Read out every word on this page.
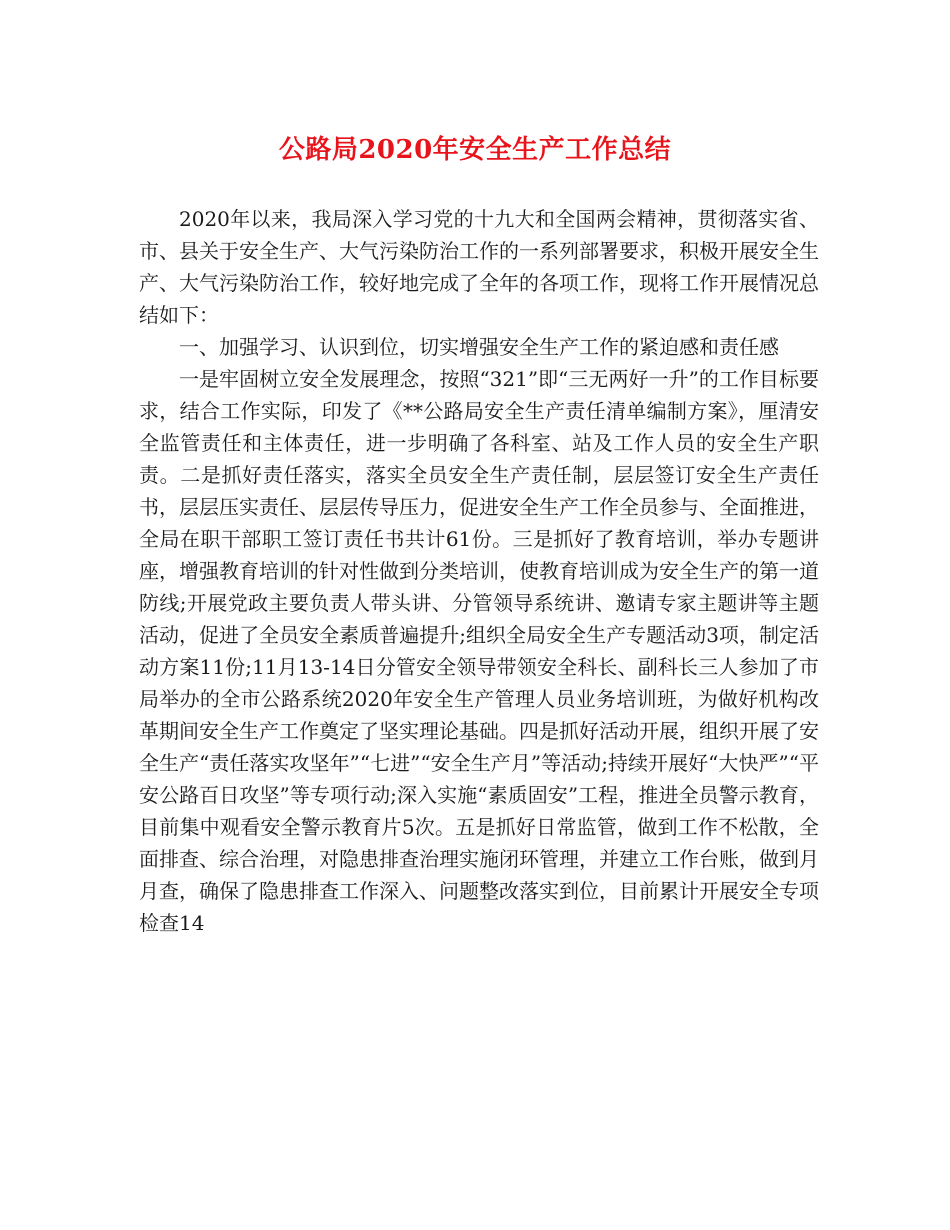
公路局2020年安全生产工作总结

2020年以来，我局深入学习党的十九大和全国两会精神，贯彻落实省、市、县关于安全生产、大气污染防治工作的一系列部署要求，积极开展安全生产、大气污染防治工作，较好地完成了全年的各项工作，现将工作开展情况总结如下：

一、加强学习、认识到位，切实增强安全生产工作的紧迫感和责任感

一是牢固树立安全发展理念，按照“321”即“三无两好一升”的工作目标要求，结合工作实际，印发了《**公路局安全生产责任清单编制方案》，厘清安全监管责任和主体责任，进一步明确了各科室、站及工作人员的安全生产职责。二是抓好责任落实，落实全员安全生产责任制，层层签订安全生产责任书，层层压实责任、层层传导压力，促进安全生产工作全员参与、全面推进，全局在职干部职工签订责任书共计61份。三是抓好了教育培训，举办专题讲座，增强教育培训的针对性做到分类培训，使教育培训成为安全生产的第一道防线;开展党政主要负责人带头讲、分管领导系统讲、邀请专家主题讲等主题活动，促进了全员安全素质普遍提升;组织全局安全生产专题活动3项，制定活动方案11份;11月13-14日分管安全领导带领安全科长、副科长三人参加了市局举办的全市公路系统2020年安全生产管理人员业务培训班，为做好机构改革期间安全生产工作奠定了坚实理论基础。四是抓好活动开展，组织开展了安全生产“责任落实攻坚年”“七进”“安全生产月”等活动;持续开展好“大快严”“平安公路百日攻坚”等专项行动;深入实施“素质固安”工程，推进全员警示教育，目前集中观看安全警示教育片5次。五是抓好日常监管，做到工作不松散，全面排查、综合治理，对隐患排查治理实施闭环管理，并建立工作台账，做到月月查，确保了隐患排查工作深入、问题整改落实到位，目前累计开展安全专项检查14
